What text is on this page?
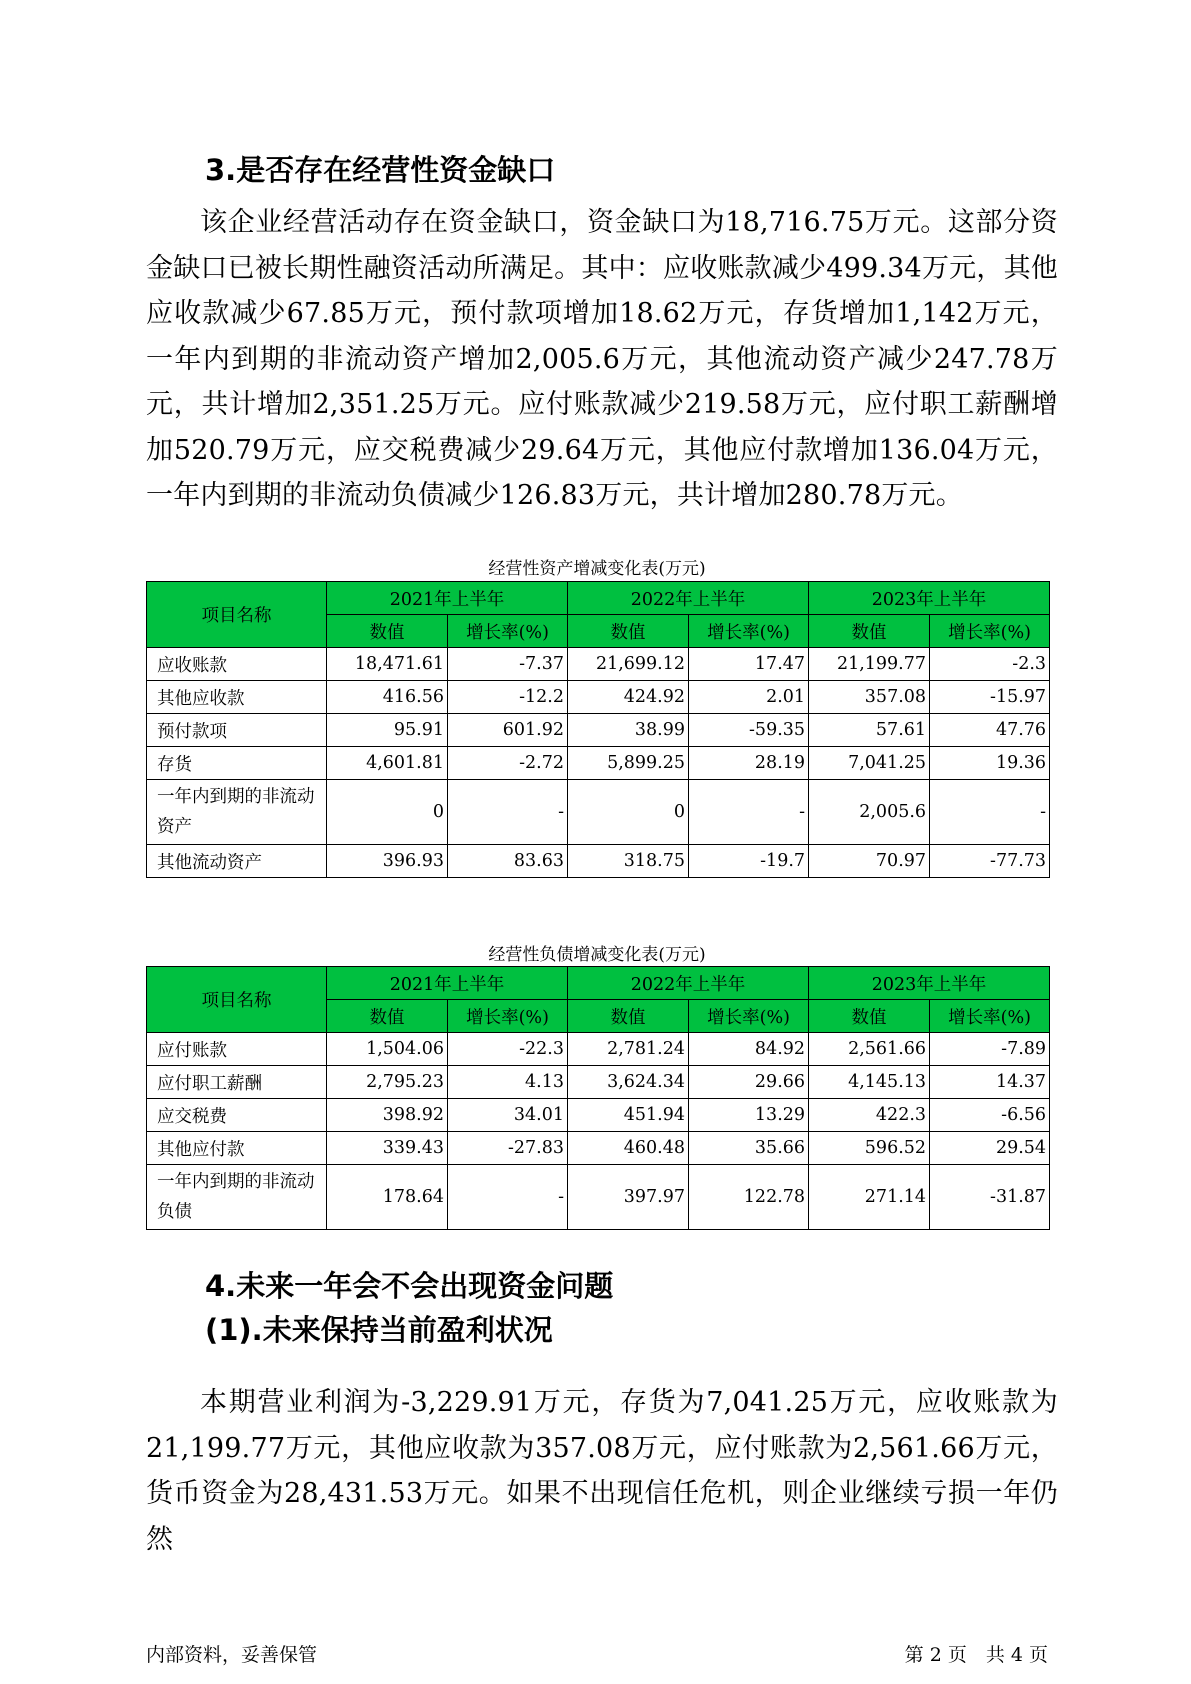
3.是否存在经营性资金缺口

该企业经营活动存在资金缺口，资金缺口为18,716.75万元。这部分资金缺口已被长期性融资活动所满足。其中：应收账款减少499.34万元，其他应收款减少67.85万元，预付款项增加18.62万元，存货增加1,142万元，一年内到期的非流动资产增加2,005.6万元，其他流动资产减少247.78万元，共计增加2,351.25万元。应付账款减少219.58万元，应付职工薪酬增加520.79万元，应交税费减少29.64万元，其他应付款增加136.04万元，一年内到期的非流动负债减少126.83万元，共计增加280.78万元。

经营性资产增减变化表(万元)

项目名称	2021年上半年		2022年上半年		2023年上半年	
	数值	增长率(%)	数值	增长率(%)	数值	增长率(%)
应收账款	18,471.61	-7.37	21,699.12	17.47	21,199.77	-2.3
其他应收款	416.56	-12.2	424.92	2.01	357.08	-15.97
预付款项	95.91	601.92	38.99	-59.35	57.61	47.76
存货	4,601.81	-2.72	5,899.25	28.19	7,041.25	19.36
一年内到期的非流动资产	0	-	0	-	2,005.6	-
其他流动资产	396.93	83.63	318.75	-19.7	70.97	-77.73

经营性负债增减变化表(万元)

项目名称	2021年上半年		2022年上半年		2023年上半年	
	数值	增长率(%)	数值	增长率(%)	数值	增长率(%)
应付账款	1,504.06	-22.3	2,781.24	84.92	2,561.66	-7.89
应付职工薪酬	2,795.23	4.13	3,624.34	29.66	4,145.13	14.37
应交税费	398.92	34.01	451.94	13.29	422.3	-6.56
其他应付款	339.43	-27.83	460.48	35.66	596.52	29.54
一年内到期的非流动负债	178.64	-	397.97	122.78	271.14	-31.87
4.未来一年会不会出现资金问题
(1).未来保持当前盈利状况

本期营业利润为-3,229.91万元，存货为7,041.25万元，应收账款为21,199.77万元，其他应收款为357.08万元，应付账款为2,561.66万元，货币资金为28,431.53万元。如果不出现信任危机，则企业继续亏损一年仍然

内部资料，妥善保管	第 2 页　共 4 页
